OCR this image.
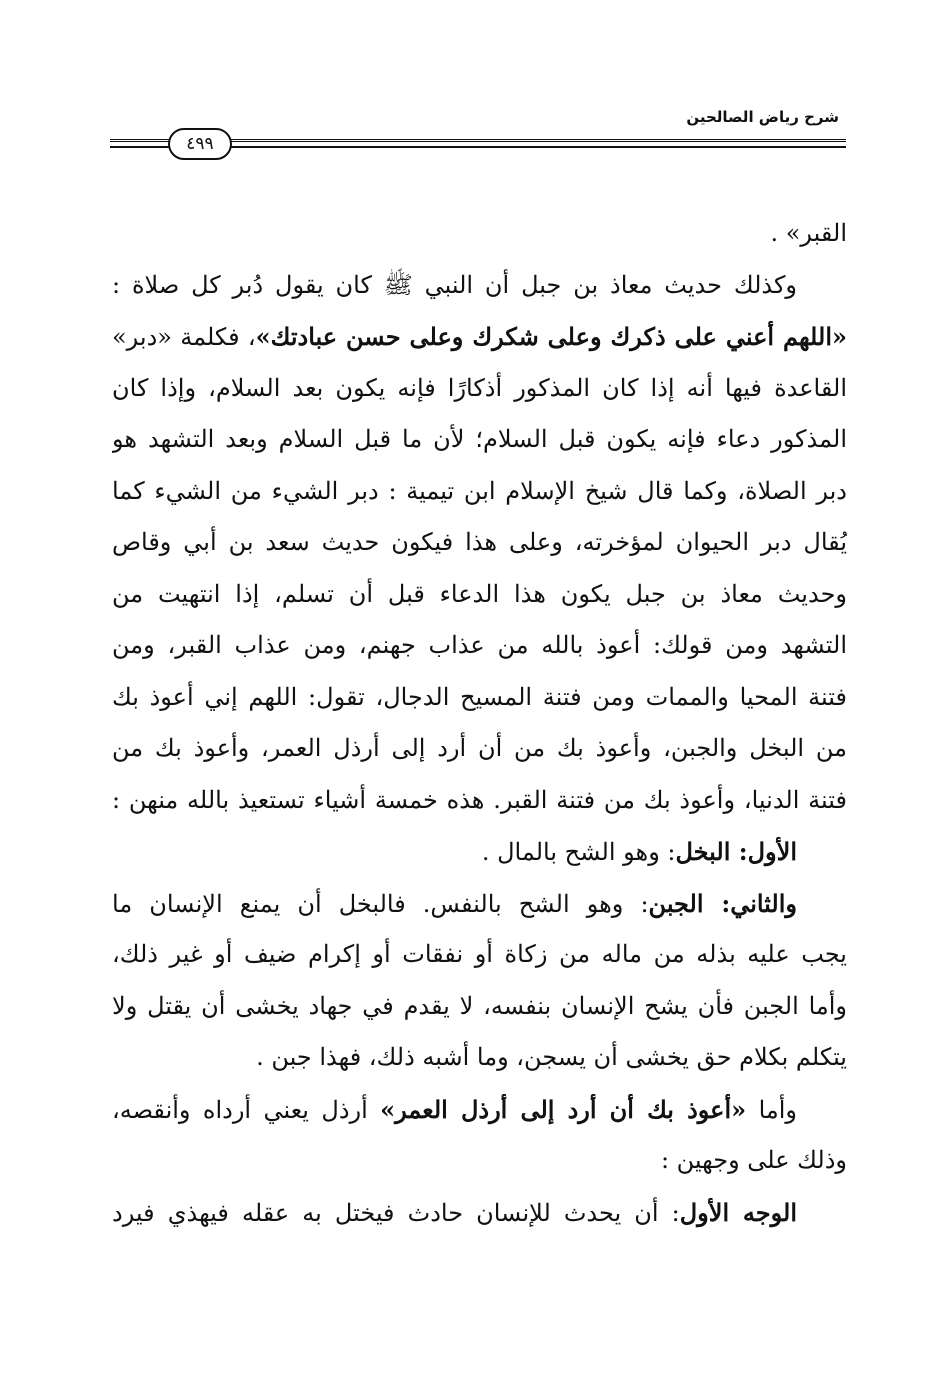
شرح رياض الصالحين
٤٩٩
القبر» .
وكذلك حديث معاذ بن جبل أن النبي ﷺ كان يقول دُبر كل صلاة :
«اللهم أعني على ذكرك وعلى شكرك وعلى حسن عبادتك»، فكلمة «دبر»
القاعدة فيها أنه إذا كان المذكور أذكارًا فإنه يكون بعد السلام، وإذا كان
المذكور دعاء فإنه يكون قبل السلام؛ لأن ما قبل السلام وبعد التشهد هو
دبر الصلاة، وكما قال شيخ الإسلام ابن تيمية : دبر الشيء من الشيء كما
يُقال دبر الحيوان لمؤخرته، وعلى هذا فيكون حديث سعد بن أبي وقاص
وحديث معاذ بن جبل يكون هذا الدعاء قبل أن تسلم، إذا انتهيت من
التشهد ومن قولك: أعوذ بالله من عذاب جهنم، ومن عذاب القبر، ومن
فتنة المحيا والممات ومن فتنة المسيح الدجال، تقول: اللهم إني أعوذ بك
من البخل والجبن، وأعوذ بك من أن أرد إلى أرذل العمر، وأعوذ بك من
فتنة الدنيا، وأعوذ بك من فتنة القبر. هذه خمسة أشياء تستعيذ بالله منهن :
الأول: البخل: وهو الشح بالمال .
والثاني: الجبن: وهو الشح بالنفس. فالبخل أن يمنع الإنسان ما
يجب عليه بذله من ماله من زكاة أو نفقات أو إكرام ضيف أو غير ذلك،
وأما الجبن فأن يشح الإنسان بنفسه، لا يقدم في جهاد يخشى أن يقتل ولا
يتكلم بكلام حق يخشى أن يسجن، وما أشبه ذلك، فهذا جبن .
وأما «أعوذ بك أن أرد إلى أرذل العمر» أرذل يعني أرداه وأنقصه،
وذلك على وجهين :
الوجه الأول: أن يحدث للإنسان حادث فيختل به عقله فيهذي فيرد
